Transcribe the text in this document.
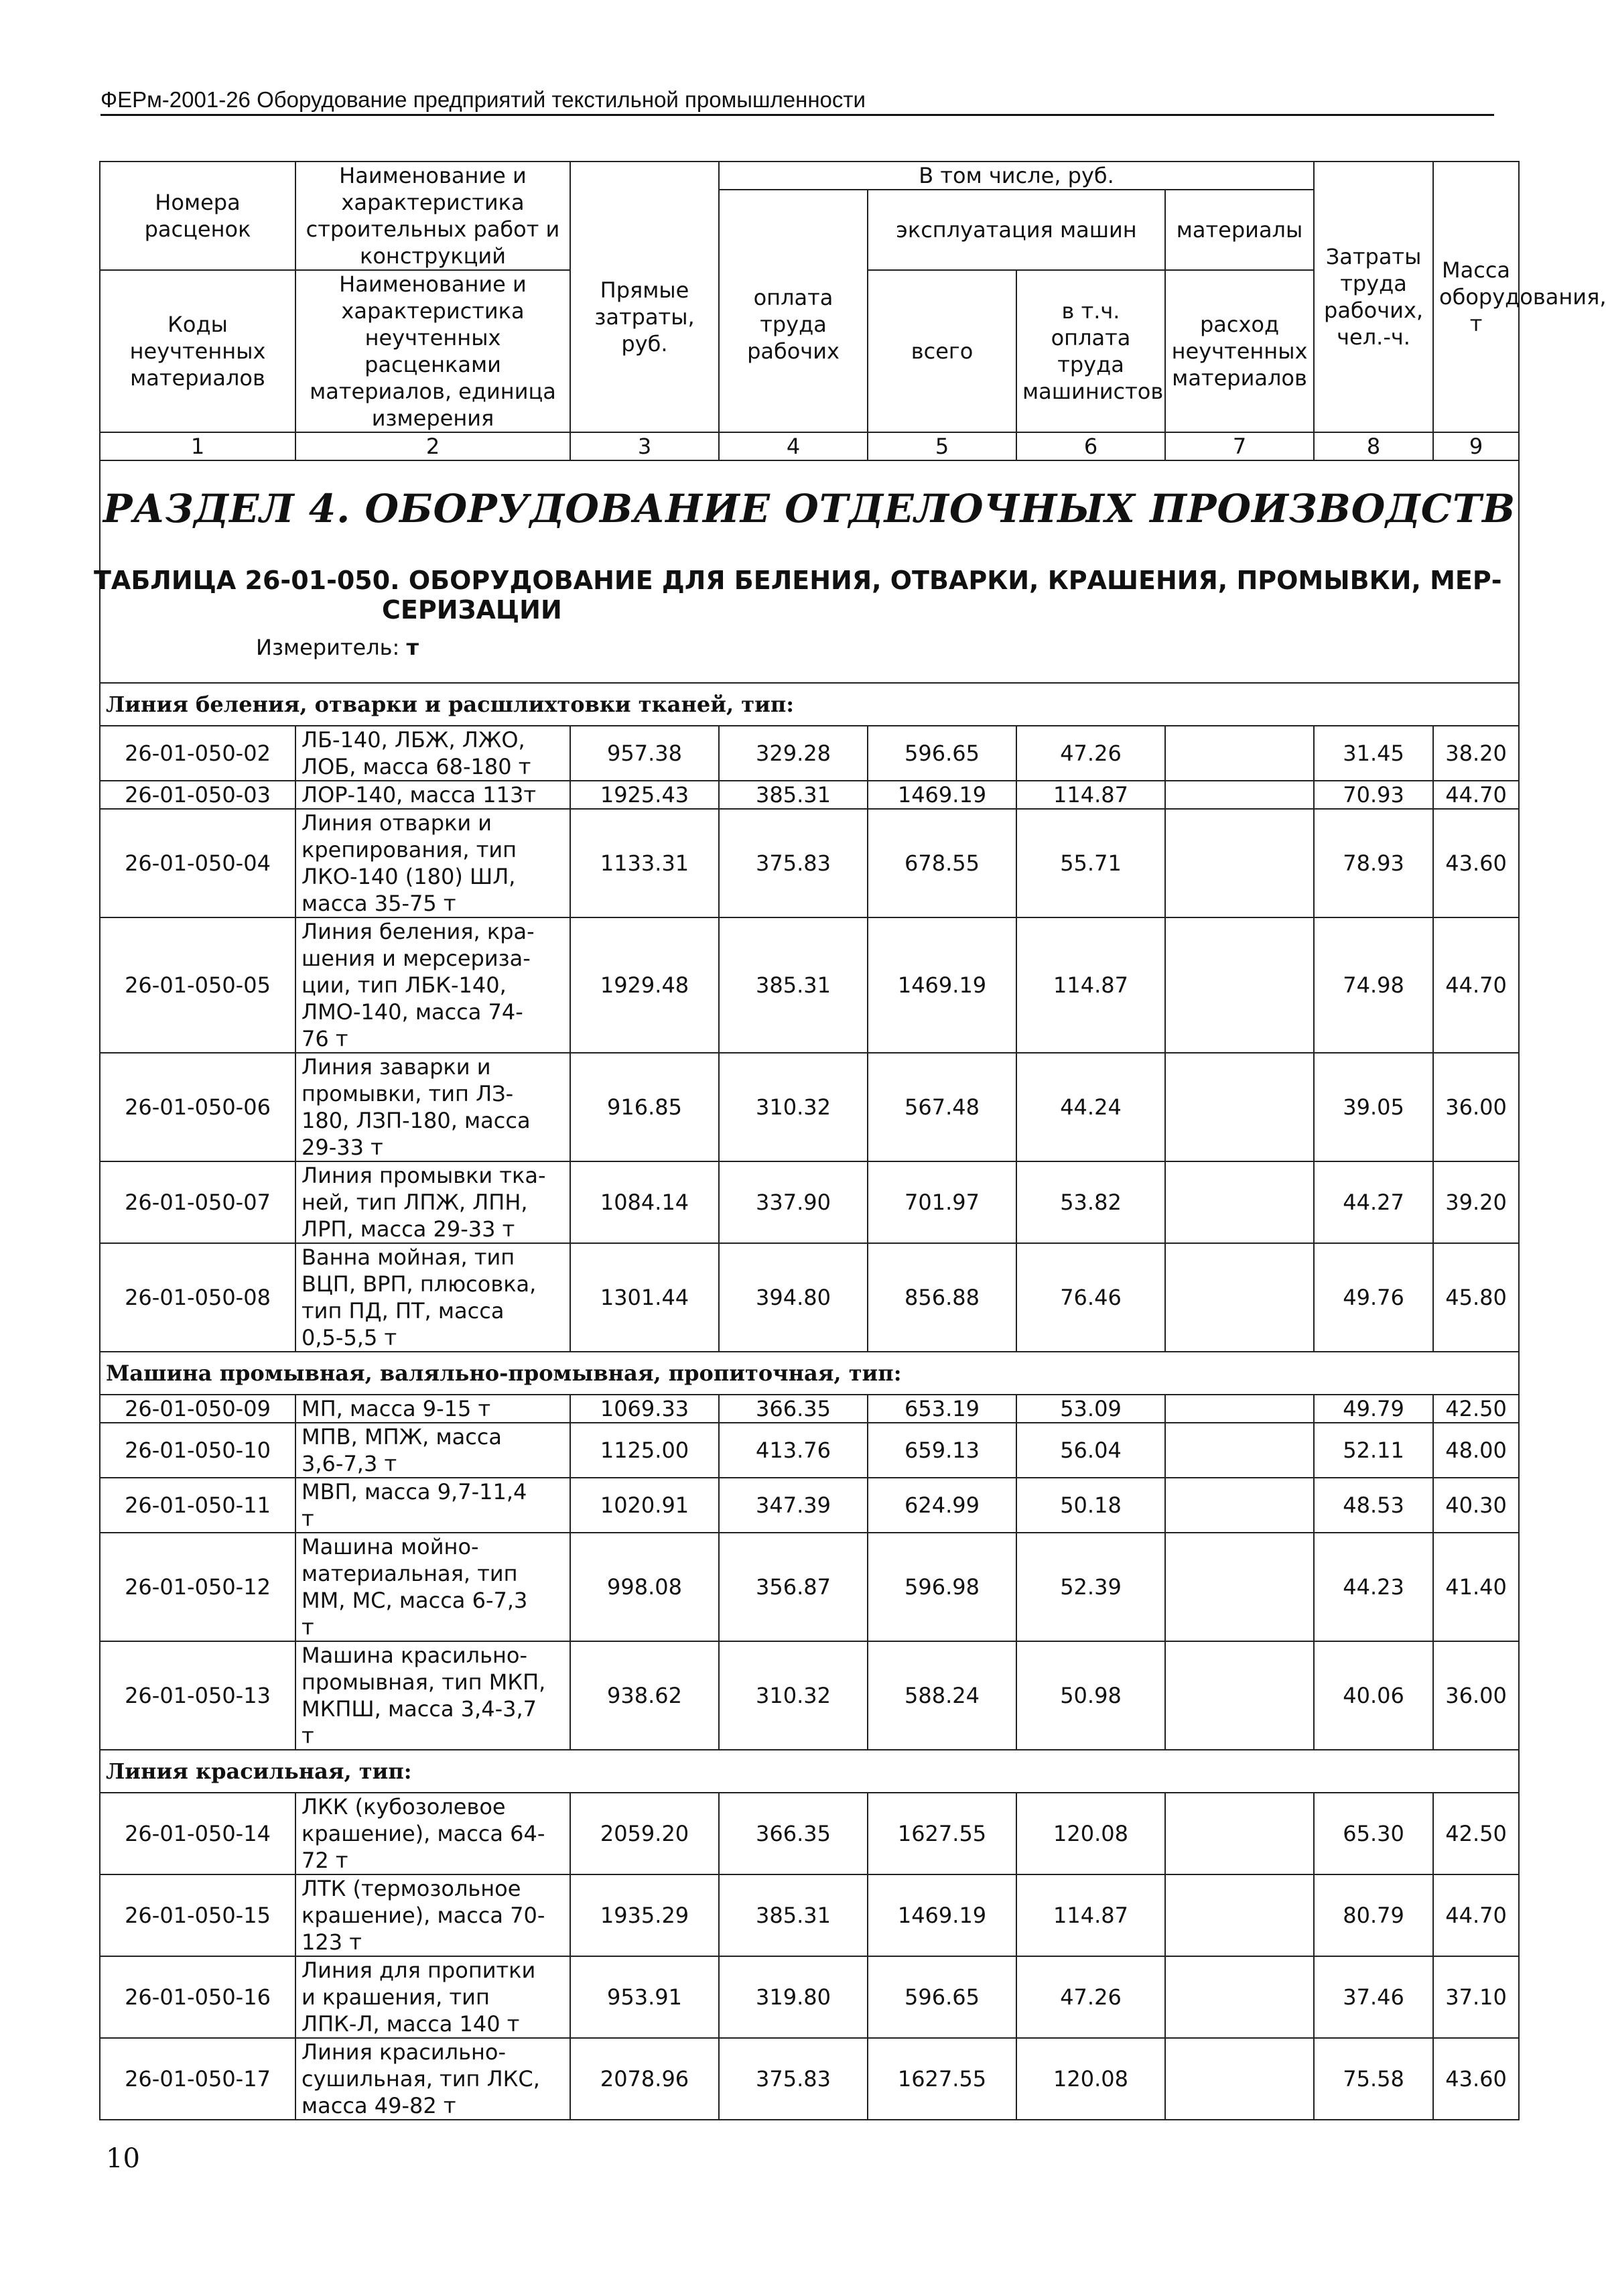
ФЕРм-2001-26 Оборудование предприятий текстильной промышленности
Номера расценок	Наименование и характеристика строительных работ и конструкций	Прямые затраты, руб.	В том числе, руб.				Затраты труда рабочих, чел.-ч.	Масса оборудования, т
			оплата труда рабочих	эксплуатация машин		материалы		
Коды неучтенных материалов	Наименование и характеристика неучтенных расценками материалов, единица измерения			всего	в т.ч. оплата труда машинистов	расход неучтенных материалов		

1	2	3	4	5	6	7	8	9

РАЗДЕЛ 4. ОБОРУДОВАНИЕ ОТДЕЛОЧНЫХ ПРОИЗВОДСТВ
ТАБЛИЦА 26-01-050. ОБОРУДОВАНИЕ ДЛЯ БЕЛЕНИЯ, ОТВАРКИ, КРАШЕНИЯ, ПРОМЫВКИ, МЕР-
СЕРИЗАЦИИ
Измеритель: т								

Линия беления, отварки и расшлихтовки тканей, тип:								
26-01-050-02	ЛБ-140, ЛБЖ, ЛЖО,
ЛОБ, масса 68-180 т	957.38	329.28	596.65	47.26		31.45	38.20
26-01-050-03	ЛОР-140, масса 113т	1925.43	385.31	1469.19	114.87		70.93	44.70
26-01-050-04	Линия отварки и
крепирования, тип
ЛКО-140 (180) ШЛ,
масса 35-75 т	1133.31	375.83	678.55	55.71		78.93	43.60
26-01-050-05	Линия беления, кра-
шения и мерсериза-
ции, тип ЛБК-140,
ЛМО-140, масса 74-
76 т	1929.48	385.31	1469.19	114.87		74.98	44.70
26-01-050-06	Линия заварки и
промывки, тип ЛЗ-
180, ЛЗП-180, масса
29-33 т	916.85	310.32	567.48	44.24		39.05	36.00
26-01-050-07	Линия промывки тка-
ней, тип ЛПЖ, ЛПН,
ЛРП, масса 29-33 т	1084.14	337.90	701.97	53.82		44.27	39.20
26-01-050-08	Ванна мойная, тип
ВЦП, ВРП, плюсовка,
тип ПД, ПТ, масса
0,5-5,5 т	1301.44	394.80	856.88	76.46		49.76	45.80
Машина промывная, валяльно-промывная, пропиточная, тип:								
26-01-050-09	МП, масса 9-15 т	1069.33	366.35	653.19	53.09		49.79	42.50
26-01-050-10	МПВ, МПЖ, масса
3,6-7,3 т	1125.00	413.76	659.13	56.04		52.11	48.00
26-01-050-11	МВП, масса 9,7-11,4
т	1020.91	347.39	624.99	50.18		48.53	40.30
26-01-050-12	Машина мойно-
материальная, тип
ММ, МС, масса 6-7,3
т	998.08	356.87	596.98	52.39		44.23	41.40
26-01-050-13	Машина красильно-
промывная, тип МКП,
МКПШ, масса 3,4-3,7
т	938.62	310.32	588.24	50.98		40.06	36.00
Линия красильная, тип:								
26-01-050-14	ЛКК (кубозолевое
крашение), масса 64-
72 т	2059.20	366.35	1627.55	120.08		65.30	42.50
26-01-050-15	ЛТК (термозольное
крашение), масса 70-
123 т	1935.29	385.31	1469.19	114.87		80.79	44.70
26-01-050-16	Линия для пропитки
и крашения, тип
ЛПК-Л, масса 140 т	953.91	319.80	596.65	47.26		37.46	37.10
26-01-050-17	Линия красильно-
сушильная, тип ЛКС,
масса 49-82 т	2078.96	375.83	1627.55	120.08		75.58	43.60
10
